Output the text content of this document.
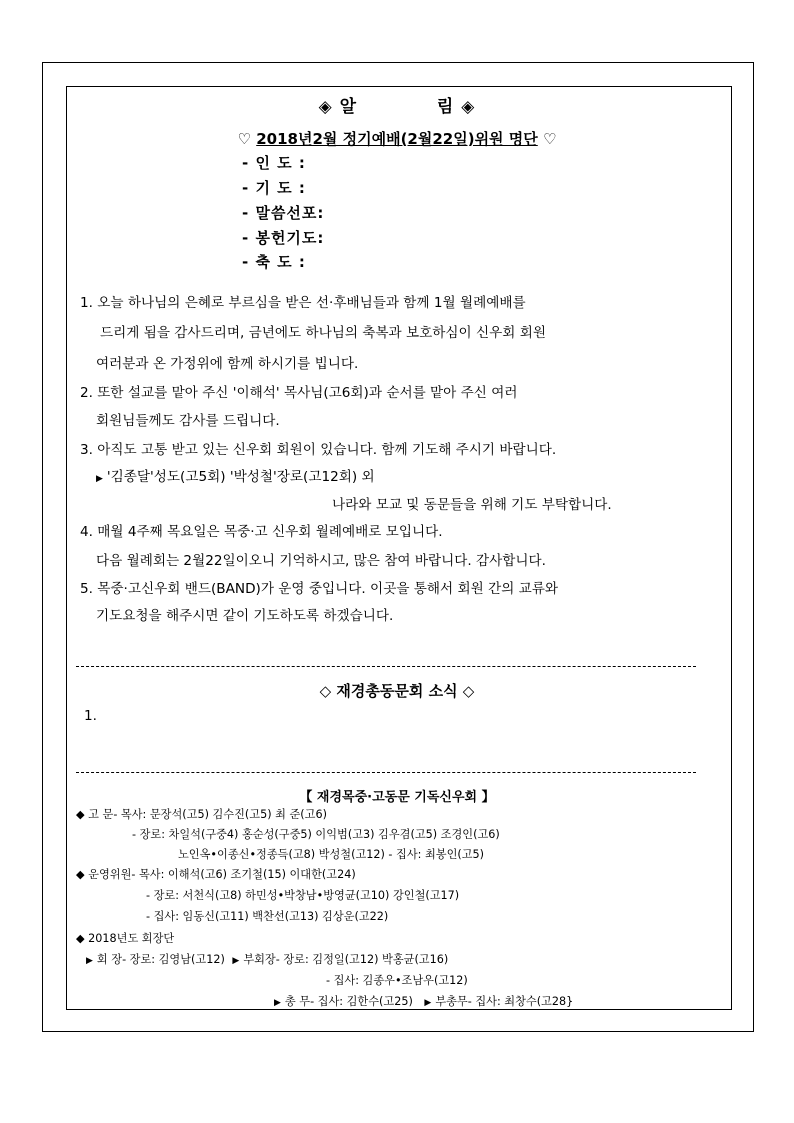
◈ 알	림 ◈
♡ 2018년2월 정기예배(2월22일)위원 명단 ♡
- 인 도 :
- 기 도 :
- 말씀선포:
- 봉헌기도:
- 축 도 :
1. 오늘 하나님의 은혜로 부르심을 받은 선·후배님들과 함께 1월 월례예배를
드리게 됨을 감사드리며, 금년에도 하나님의 축복과 보호하심이 신우회 회원
여러분과 온 가정위에 함께 하시기를 빕니다.
2. 또한 설교를 맡아 주신 '이해석' 목사님(고6회)과 순서를 맡아 주신 여러
회원님들께도 감사를 드립니다.
3. 아직도 고통 받고 있는 신우회 회원이 있습니다. 함께 기도해 주시기 바랍니다.
▶ '김종달'성도(고5회) '박성철'장로(고12회) 외
나라와 모교 및 동문들을 위해 기도 부탁합니다.
4. 매월 4주째 목요일은 목중·고 신우회 월례예배로 모입니다.
다음 월례회는 2월22일이오니 기억하시고, 많은 참여 바랍니다. 감사합니다.
5. 목중·고신우회 밴드(BAND)가 운영 중입니다. 이곳을 통해서 회원 간의 교류와
기도요청을 해주시면 같이 기도하도록 하겠습니다.
◇ 재경총동문회 소식 ◇
1.
【 재경목중·고동문 기독신우회 】
◆ 고 문- 목사: 문장석(고5) 김수진(고5) 최 준(고6)
- 장로: 차일석(구중4) 홍순성(구중5) 이익범(고3) 김우겸(고5) 조경인(고6)
노인옥•이종신•정종득(고8) 박성철(고12) - 집사: 최봉인(고5)
◆ 운영위원- 목사: 이해석(고6) 조기철(15) 이대한(고24)
- 장로: 서천식(고8) 하민성•박창남•방영균(고10) 강인철(고17)
- 집사: 임동신(고11) 백찬선(고13) 김상운(고22)
◆ 2018년도 회장단
▶ 회 장- 장로: 김영남(고12) ▶ 부회장- 장로: 김정일(고12) 박홍균(고16)
- 집사: 김종우•조남우(고12)
▶ 총 무- 집사: 김한수(고25) ▶ 부총무- 집사: 최창수(고28}
